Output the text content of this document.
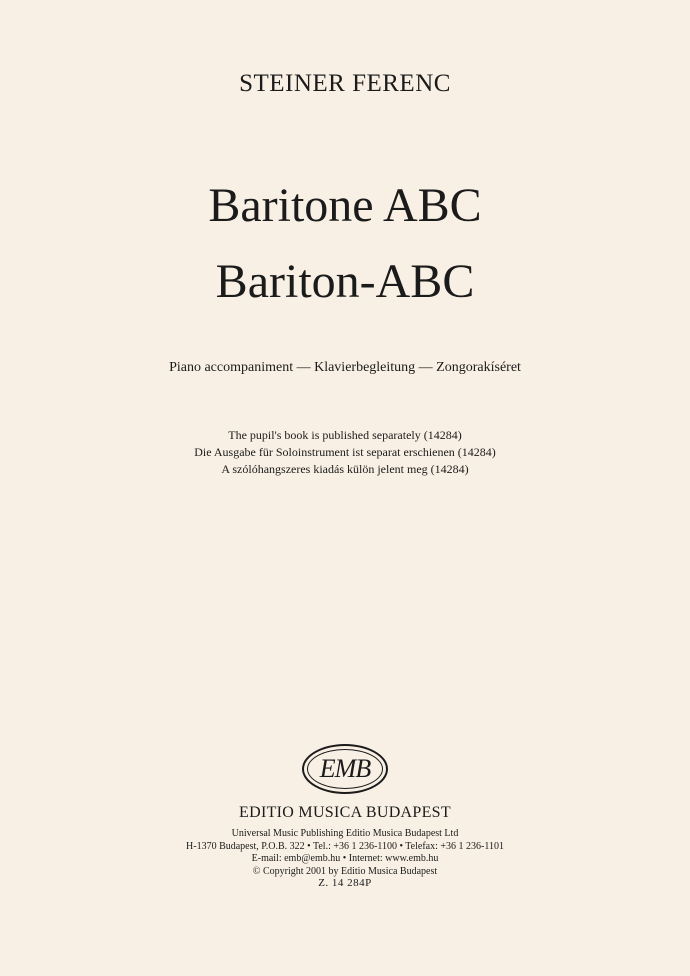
STEINER FERENC
Baritone ABC
Bariton-ABC
Piano accompaniment — Klavierbegleitung — Zongorakíséret
The pupil's book is published separately (14284)
Die Ausgabe für Soloinstrument ist separat erschienen (14284)
A szólóhangszeres kiadás külön jelent meg (14284)
EMB
EDITIO MUSICA BUDAPEST
Universal Music Publishing Editio Musica Budapest Ltd
H-1370 Budapest, P.O.B. 322 • Tel.: +36 1 236-1100 • Telefax: +36 1 236-1101
E-mail: emb@emb.hu • Internet: www.emb.hu
© Copyright 2001 by Editio Musica Budapest
Z. 14 284P
